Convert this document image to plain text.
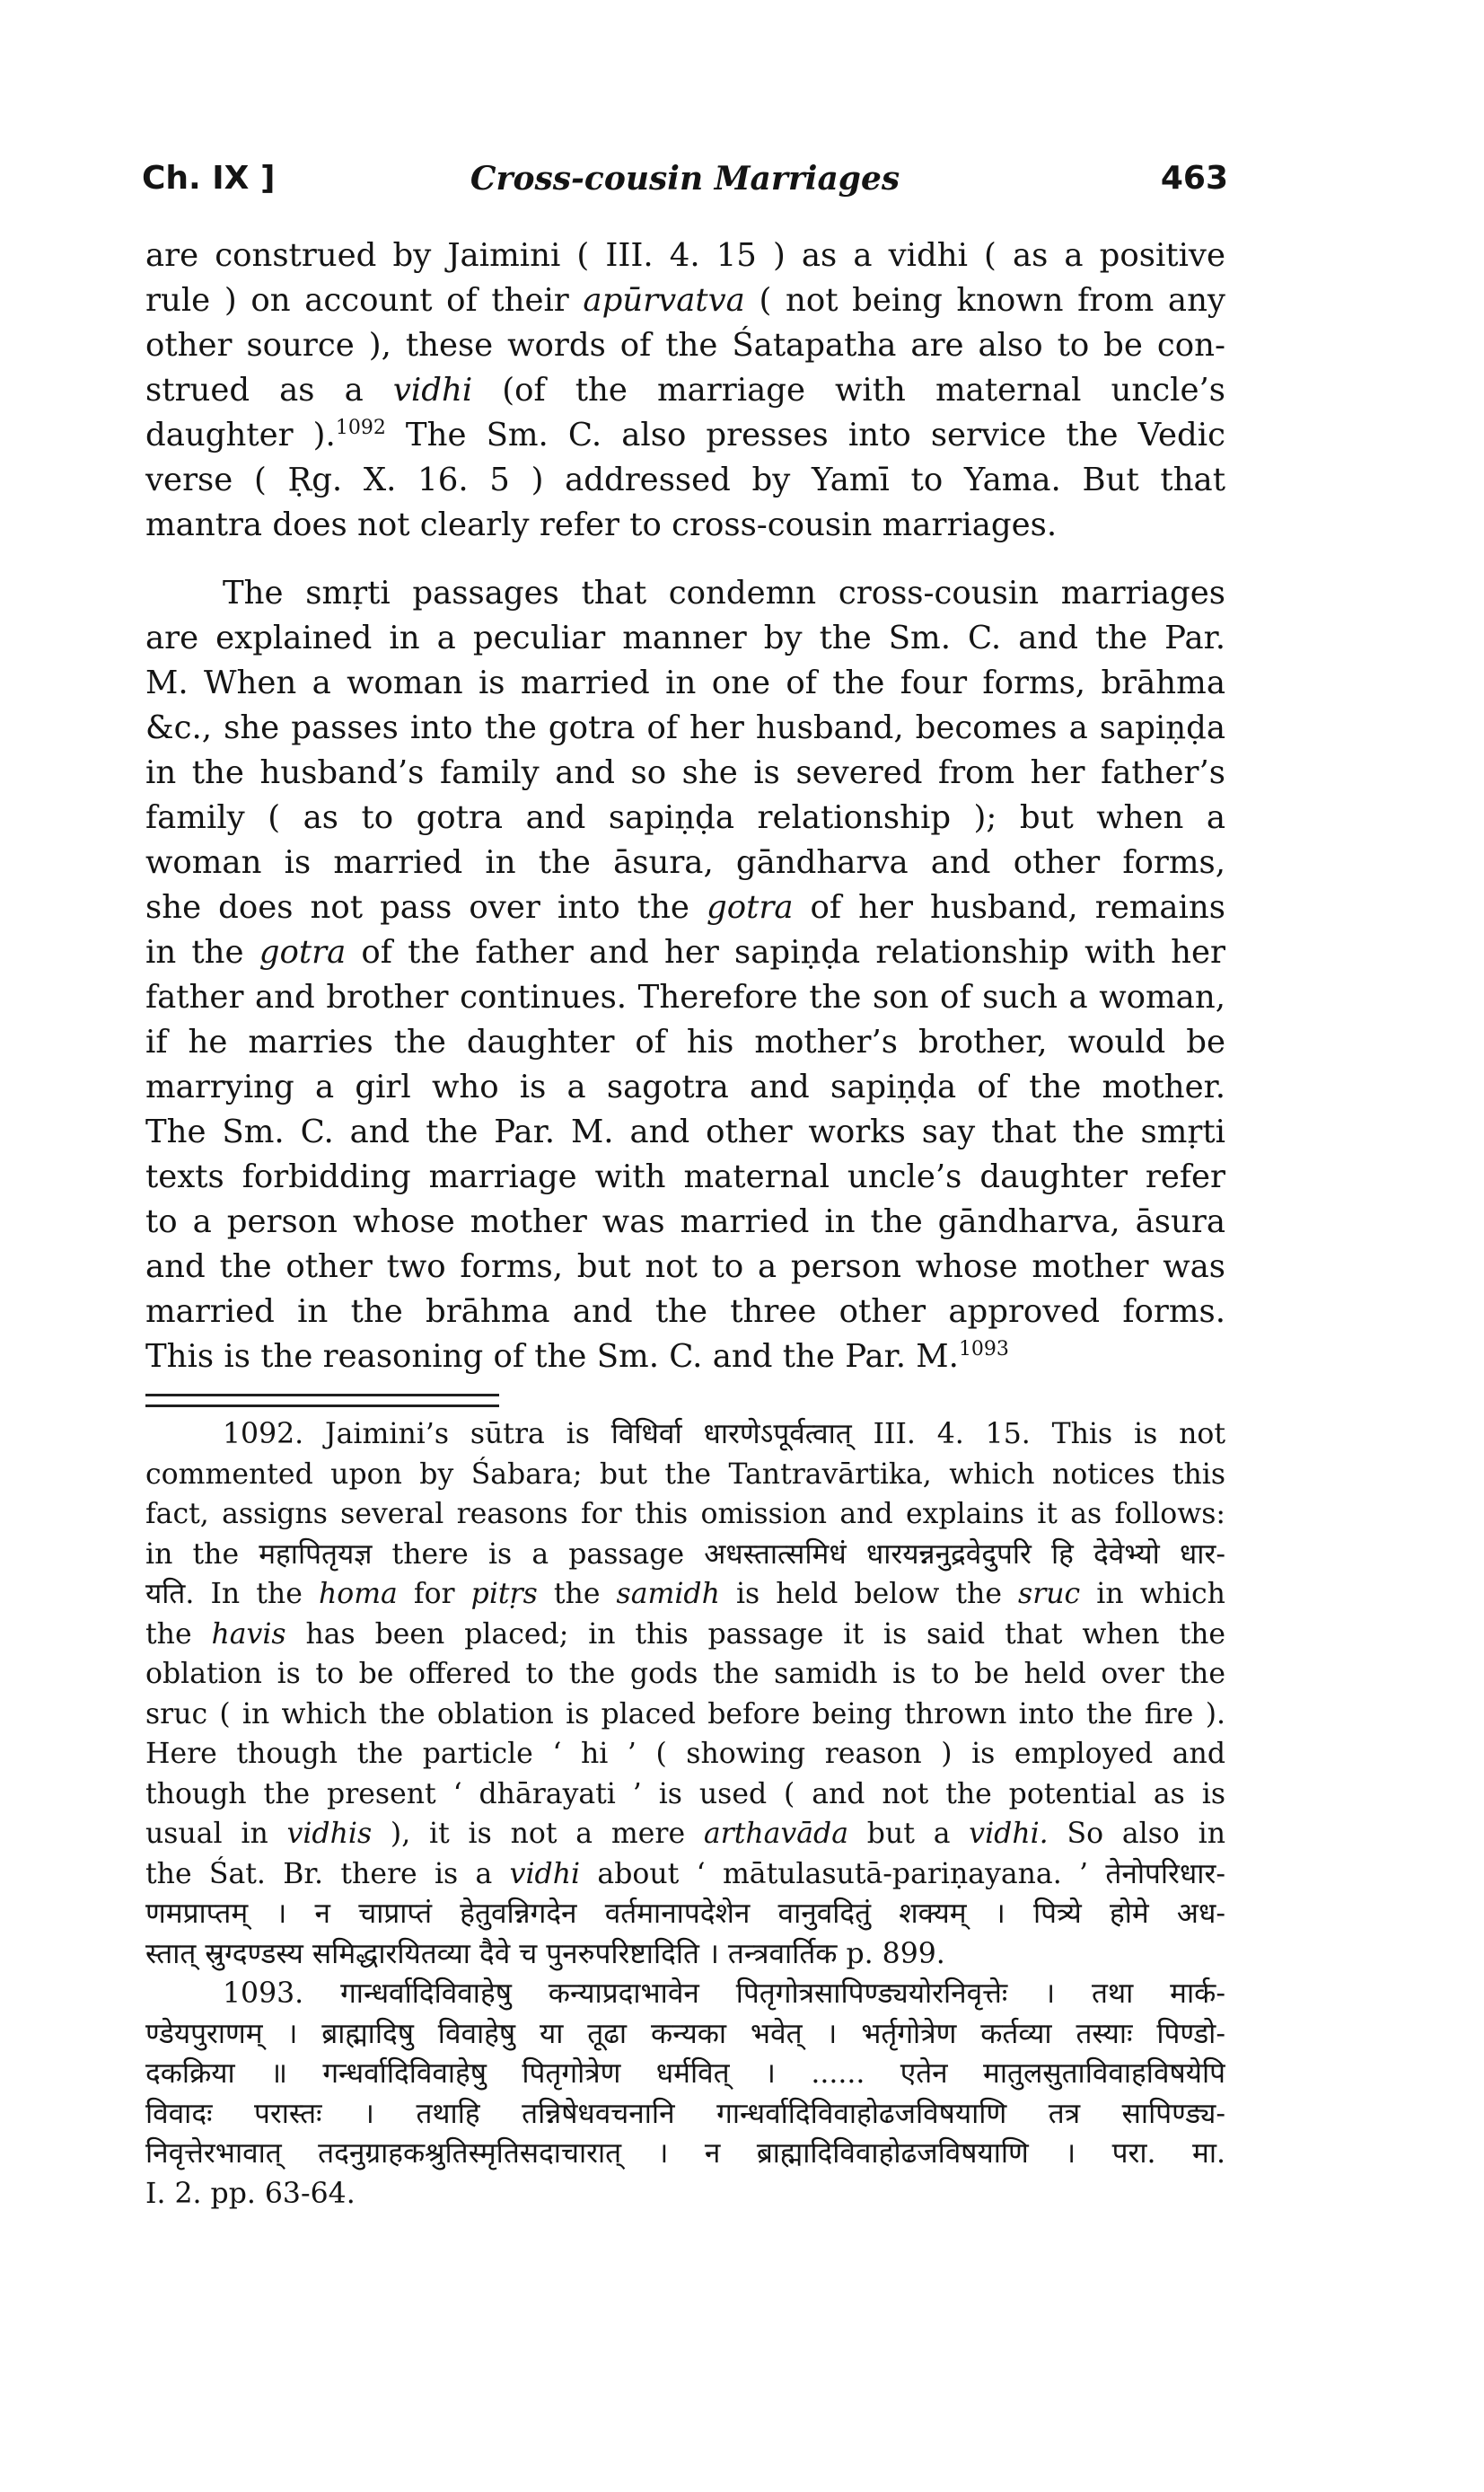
Ch. IX ]	Cross-cousin Marriages	463
are construed by Jaimini ( III. 4. 15 ) as a vidhi ( as a positive
rule ) on account of their apūrvatva ( not being known from any
other source ), these words of the Śatapatha are also to be con-
strued as a vidhi (of the marriage with maternal uncle’s
daughter ).$^{1092}$ The Sm. C. also presses into service the Vedic
verse ( Ṛg. X. 16. 5 ) addressed by Yamī to Yama. But that
mantra does not clearly refer to cross-cousin marriages.
The smṛti passages that condemn cross-cousin marriages
are explained in a peculiar manner by the Sm. C. and the Par.
M. When a woman is married in one of the four forms, brāhma
&c., she passes into the gotra of her husband, becomes a sapiṇḍa
in the husband’s family and so she is severed from her father’s
family ( as to gotra and sapiṇḍa relationship ); but when a
woman is married in the āsura, gāndharva and other forms,
she does not pass over into the gotra of her husband, remains
in the gotra of the father and her sapiṇḍa relationship with her
father and brother continues. Therefore the son of such a woman,
if he marries the daughter of his mother’s brother, would be
marrying a girl who is a sagotra and sapiṇḍa of the mother.
The Sm. C. and the Par. M. and other works say that the smṛti
texts forbidding marriage with maternal uncle’s daughter refer
to a person whose mother was married in the gāndharva, āsura
and the other two forms, but not to a person whose mother was
married in the brāhma and the three other approved forms.
This is the reasoning of the Sm. C. and the Par. M.$^{1093}$
1092. Jaimini’s sūtra is विधिर्वा धारणेऽपूर्वत्वात् III. 4. 15. This is not
commented upon by Śabara; but the Tantravārtika, which notices this
fact, assigns several reasons for this omission and explains it as follows:
in the महापितृयज्ञ there is a passage अधस्तात्समिधं धारयन्ननुद्रवेदुपरि हि देवेभ्यो धार-
यति. In the homa for pitṛs the samidh is held below the sruc in which
the havis has been placed; in this passage it is said that when the
oblation is to be offered to the gods the samidh is to be held over the
sruc ( in which the oblation is placed before being thrown into the fire ).
Here though the particle ‘ hi ’ ( showing reason ) is employed and
though the present ‘ dhārayati ’ is used ( and not the potential as is
usual in vidhis ), it is not a mere arthavāda but a vidhi. So also in
the Śat. Br. there is a vidhi about ‘ mātulasutā-pariṇayana. ’ तेनोपरिधार-
णमप्राप्तम् । न चाप्राप्तं हेतुवन्निगदेन वर्तमानापदेशेन वानुवदितुं शक्यम् । पित्र्ये होमे अध-
स्तात् स्रुग्दण्डस्य समिद्धारयितव्या दैवे च पुनरुपरिष्टादिति । तन्त्रवार्तिक p. 899.
1093. गान्धर्वादिविवाहेषु कन्याप्रदाभावेन पितृगोत्रसापिण्ड्ययोरनिवृत्तेः । तथा मार्क-
ण्डेयपुराणम् । ब्राह्मादिषु विवाहेषु या तूढा कन्यका भवेत् । भर्तृगोत्रेण कर्तव्या तस्याः पिण्डो-
दकक्रिया ॥ गन्धर्वादिविवाहेषु पितृगोत्रेण धर्मवित् । ...... एतेन मातुलसुताविवाहविषयेपि
विवादः परास्तः । तथाहि तन्निषेधवचनानि गान्धर्वादिविवाहोढजविषयाणि तत्र सापिण्ड्य-
निवृत्तेरभावात् तदनुग्राहकश्रुतिस्मृतिसदाचारात् । न ब्राह्मादिविवाहोढजविषयाणि । परा. मा.
I. 2. pp. 63-64.
